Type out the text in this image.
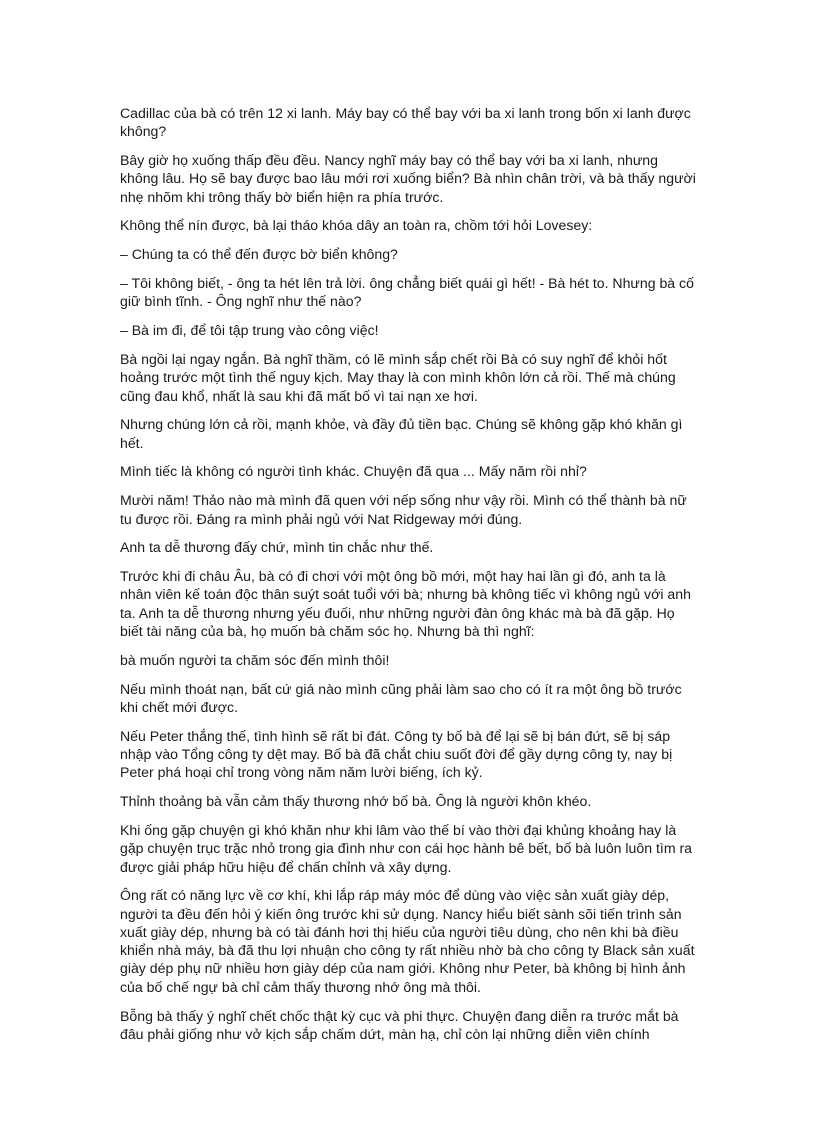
Cadillac của bà có trên 12 xi lanh. Máy bay có thể bay với ba xi lanh trong bốn xi lanh được không?

Bây giờ họ xuống thấp đều đều. Nancy nghĩ máy bay có thể bay với ba xi lanh, nhưng không lâu. Họ sẽ bay được bao lâu mới rơi xuống biển? Bà nhìn chân trời, và bà thấy người nhẹ nhõm khi trông thấy bờ biển hiện ra phía trước.

Không thể nín được, bà lại tháo khóa dây an toàn ra, chồm tới hỏi Lovesey:

– Chúng ta có thể đến được bờ biển không?

– Tôi không biết, - ông ta hét lên trả lời. ông chẳng biết quái gì hết! - Bà hét to. Nhưng bà cố giữ bình tĩnh. - Ông nghĩ như thế nào?

– Bà im đi, để tôi tập trung vào công việc!

Bà ngồi lại ngay ngắn. Bà nghĩ thầm, có lẽ mình sắp chết rồi Bà có suy nghĩ để khỏi hốt hoảng trước một tình thế nguy kịch. May thay là con mình khôn lớn cả rồi. Thế mà chúng cũng đau khổ, nhất là sau khi đã mất bố vì tai nạn xe hơi.

Nhưng chúng lớn cả rồi, mạnh khỏe, và đầy đủ tiền bạc. Chúng sẽ không gặp khó khăn gì hết.

Mình tiếc là không có người tình khác. Chuyện đã qua ... Mấy năm rồi nhỉ?

Mười năm! Thảo nào mà mình đã quen với nếp sống như vậy rồi. Mình có thể thành bà nữ tu được rồi. Đáng ra mình phải ngủ với Nat Ridgeway mới đúng.

Anh ta dễ thương đấy chứ, mình tin chắc như thế.

Trước khi đi châu Âu, bà có đi chơi với một ông bồ mới, một hay hai lần gì đó, anh ta là nhân viên kế toán độc thân suýt soát tuổi với bà; nhưng bà không tiếc vì không ngủ với anh ta. Anh ta dễ thương nhưng yếu đuối, như những người đàn ông khác mà bà đã gặp. Họ biết tài năng của bà, họ muốn bà chăm sóc họ. Nhưng bà thì nghĩ:

bà muốn người ta chăm sóc đến mình thôi!

Nếu mình thoát nạn, bất cứ giá nào mình cũng phải làm sao cho có ít ra một ông bồ trước khi chết mới được.

Nếu Peter thắng thế, tình hình sẽ rất bi đát. Công ty bố bà để lại sẽ bị bán đứt, sẽ bị sáp nhập vào Tổng công ty dệt may. Bố bà đã chắt chiu suốt đời để gầy dựng công ty, nay bị Peter phá hoại chỉ trong vòng năm năm lười biếng, ích kỷ.

Thỉnh thoảng bà vẫn cảm thấy thương nhớ bố bà. Ông là người khôn khéo.

Khi ống gặp chuyện gì khó khăn như khi lâm vào thế bí vào thời đại khủng khoảng hay là gặp chuyện trục trặc nhỏ trong gia đình như con cái học hành bê bết, bố bà luôn luôn tìm ra được giải pháp hữu hiệu để chấn chỉnh và xây dựng.

Ông rất có năng lực về cơ khí, khi lắp ráp máy móc để dùng vào việc sản xuất giày dép, người ta đều đến hỏi ý kiến ông trước khi sử dụng. Nancy hiểu biết sành sõi tiến trình sản xuất giày dép, nhưng bà có tài đánh hơi thị hiếu của người tiêu dùng, cho nên khi bà điều khiển nhà máy, bà đã thu lợi nhuận cho công ty rất nhiều nhờ bà cho công ty Black sản xuất giày dép phụ nữ nhiều hơn giày dép của nam giới. Không như Peter, bà không bị hình ảnh của bố chế ngự bà chỉ cảm thấy thương nhớ ông mà thôi.

Bỗng bà thấy ý nghĩ chết chốc thật kỳ cục và phi thực. Chuyện đang diễn ra trước mắt bà đâu phải giống như vở kịch sắp chấm dứt, màn hạ, chỉ còn lại những diễn viên chính
